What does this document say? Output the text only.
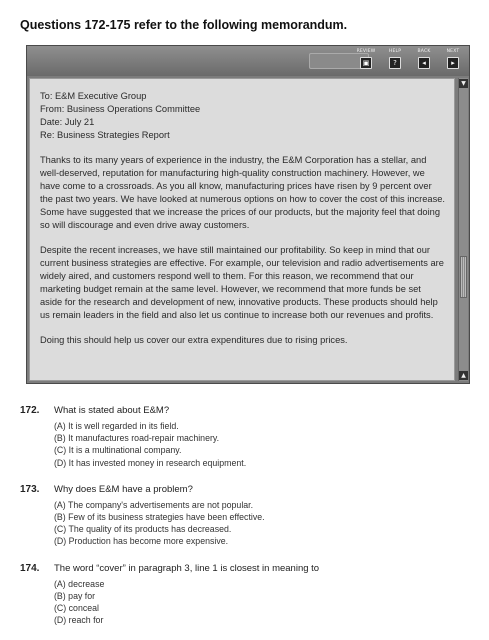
Questions 172-175 refer to the following memorandum.
REVIEW
▣
HELP
?
BACK
◂
NEXT
▸

To: E&M Executive Group

From: Business Operations Committee

Date: July 21

Re: Business Strategies Report

Thanks to its many years of experience in the industry, the E&M Corporation has a stellar, and well-deserved, reputation for manufacturing high-quality construction machinery. However, we have come to a crossroads. As you all know, manufacturing prices have risen by 9 percent over the past two years. We have looked at numerous options on how to cover the cost of this increase. Some have suggested that we increase the prices of our products, but the majority feel that doing so will discourage and even drive away customers.

Despite the recent increases, we have still maintained our profitability. So keep in mind that our current business strategies are effective. For example, our television and radio advertisements are widely aired, and customers respond well to them. For this reason, we recommend that our marketing budget remain at the same level. However, we recommend that more funds be set aside for the research and development of new, innovative products. These products should help us remain leaders in the field and also let us continue to increase both our revenues and profits.

Doing this should help us cover our extra expenditures due to rising prices.

▼
▲
172.	What is stated about E&M?
(A) It is well regarded in its field.
(B) It manufactures road-repair machinery.
(C) It is a multinational company.
(D) It has invested money in research equipment.
173.	Why does E&M have a problem?
(A) The company's advertisements are not popular.
(B) Few of its business strategies have been effective.
(C) The quality of its products has decreased.
(D) Production has become more expensive.
174.	The word “cover” in paragraph 3, line 1 is closest in meaning to
(A) decrease
(B) pay for
(C) conceal
(D) reach for
